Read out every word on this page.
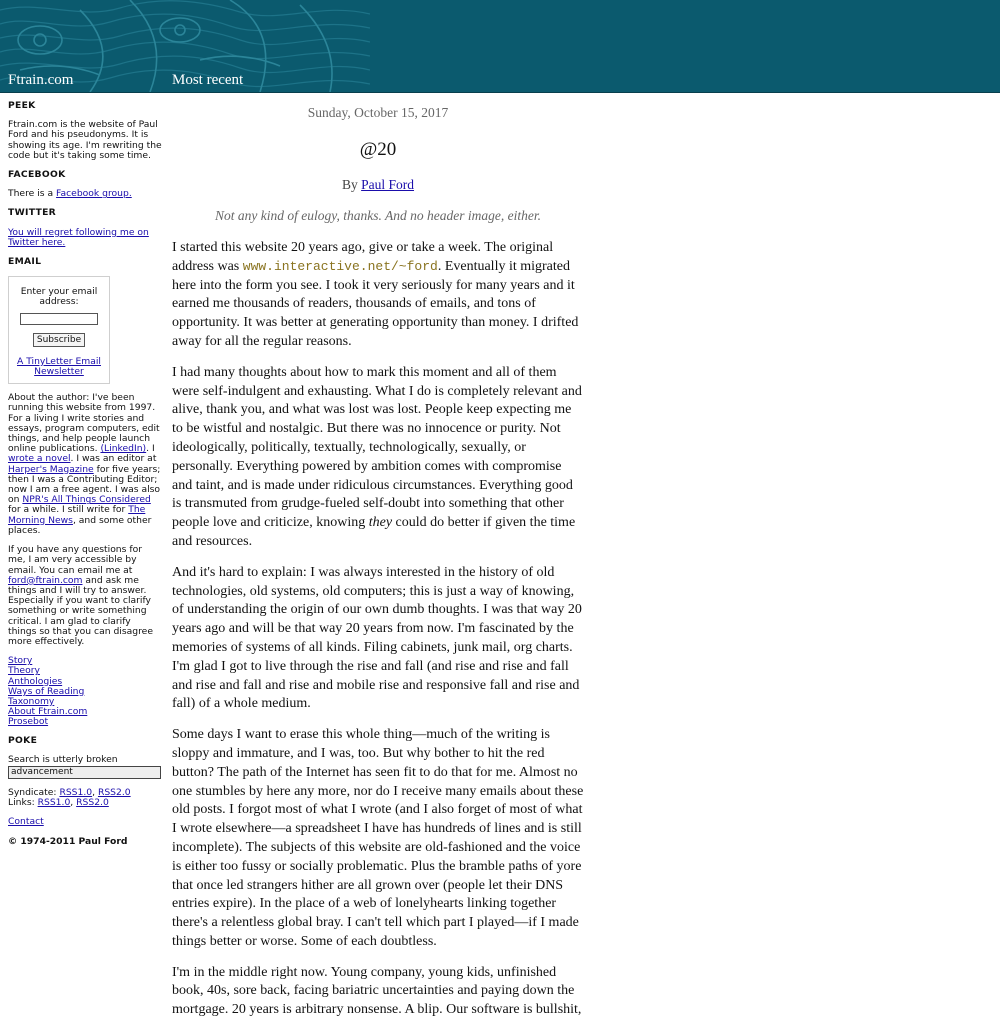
Ftrain.com	Most recent
PEEK

Ftrain.com is the website of Paul Ford and his pseudonyms. It is showing its age. I'm rewriting the code but it's taking some time.

FACEBOOK

There is a Facebook group.

TWITTER

You will regret following me on Twitter here.

EMAIL
Enter your email address:
Subscribe
A TinyLetter Email Newsletter

About the author: I've been running this website from 1997. For a living I write stories and essays, program computers, edit things, and help people launch online publications. (LinkedIn). I wrote a novel. I was an editor at Harper's Magazine for five years; then I was a Contributing Editor; now I am a free agent. I was also on NPR's All Things Considered for a while. I still write for The Morning News, and some other places.

If you have any questions for me, I am very accessible by email. You can email me at ford@ftrain.com and ask me things and I will try to answer. Especially if you want to clarify something or write something critical. I am glad to clarify things so that you can disagree more effectively.

Story
Theory
Anthologies
Ways of Reading
Taxonomy
About Ftrain.com
Prosebot
POKE
Search is utterly broken
advancement

Syndicate: RSS1.0, RSS2.0
Links: RSS1.0, RSS2.0

Contact

© 1974-2011 Paul Ford

Sunday, October 15, 2017
@20
By Paul Ford
Not any kind of eulogy, thanks. And no header image, either.

I started this website 20 years ago, give or take a week. The original address was www.interactive.net/~ford. Eventually it migrated here into the form you see. I took it very seriously for many years and it earned me thousands of readers, thousands of emails, and tons of opportunity. It was better at generating opportunity than money. I drifted away for all the regular reasons.

I had many thoughts about how to mark this moment and all of them were self-indulgent and exhausting. What I do is completely relevant and alive, thank you, and what was lost was lost. People keep expecting me to be wistful and nostalgic. But there was no innocence or purity. Not ideologically, politically, textually, technologically, sexually, or personally. Everything powered by ambition comes with compromise and taint, and is made under ridiculous circumstances. Everything good is transmuted from grudge-fueled self-doubt into something that other people love and criticize, knowing they could do better if given the time and resources.

And it's hard to explain: I was always interested in the history of old technologies, old systems, old computers; this is just a way of knowing, of understanding the origin of our own dumb thoughts. I was that way 20 years ago and will be that way 20 years from now. I'm fascinated by the memories of systems of all kinds. Filing cabinets, junk mail, org charts. I'm glad I got to live through the rise and fall (and rise and rise and fall and rise and fall and rise and mobile rise and responsive fall and rise and fall) of a whole medium.

Some days I want to erase this whole thing—much of the writing is sloppy and immature, and I was, too. But why bother to hit the red button? The path of the Internet has seen fit to do that for me. Almost no one stumbles by here any more, nor do I receive many emails about these old posts. I forgot most of what I wrote (and I also forget of most of what I wrote elsewhere—a spreadsheet I have has hundreds of lines and is still incomplete). The subjects of this website are old-fashioned and the voice is either too fussy or socially problematic. Plus the bramble paths of yore that once led strangers hither are all grown over (people let their DNS entries expire). In the place of a web of lonelyhearts linking together there's a relentless global bray. I can't tell which part I played—if I made things better or worse. Some of each doubtless.

I'm in the middle right now. Young company, young kids, unfinished book, 40s, sore back, facing bariatric uncertainties and paying down the mortgage. 20 years is arbitrary nonsense. A blip. Our software is bullshit,
